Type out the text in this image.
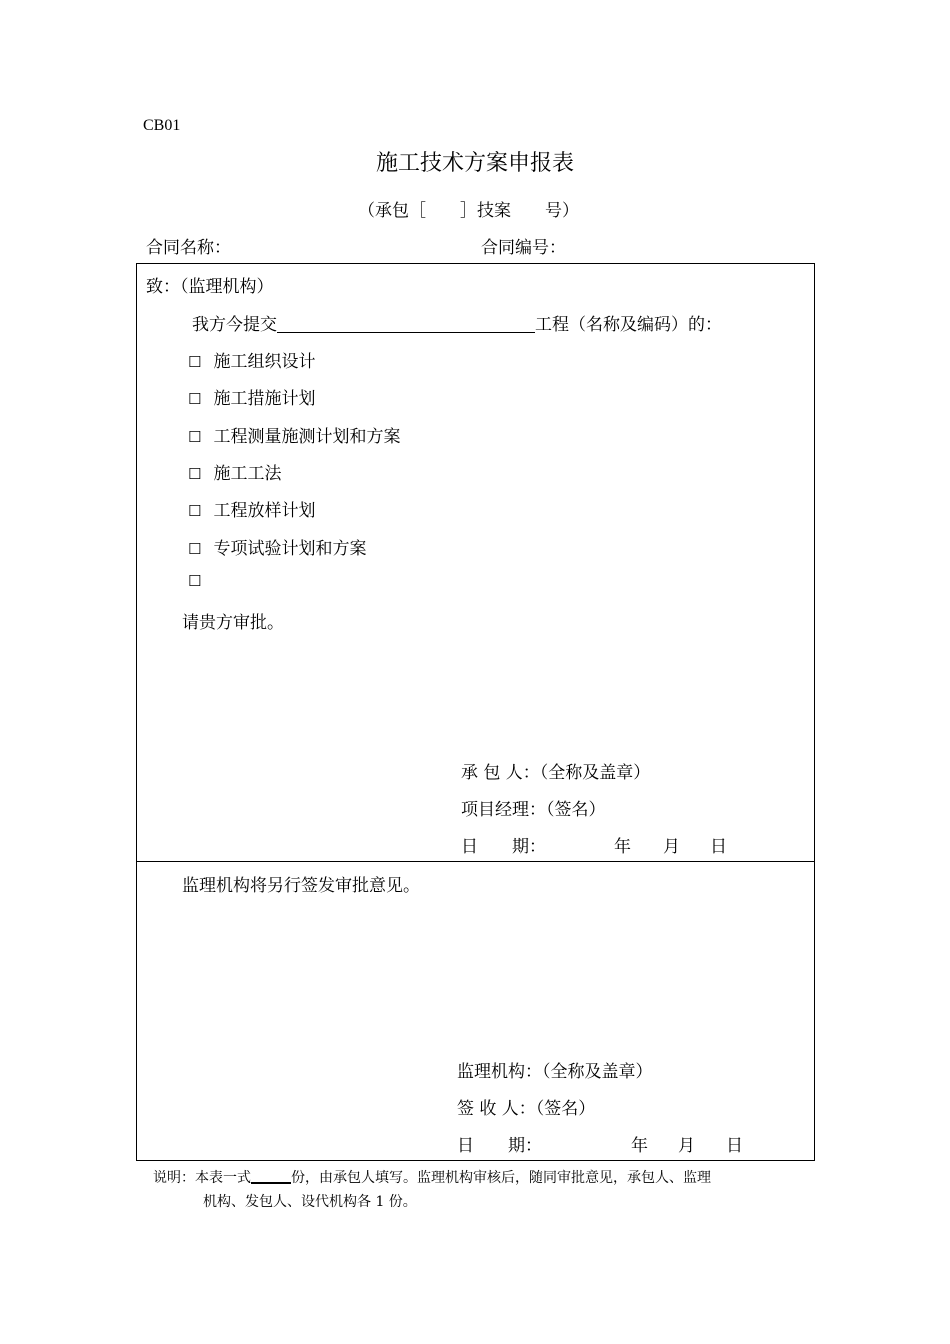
CB01
施工技术方案申报表
（承包［　　］技案　　号）
合同名称：	合同编号：
致：（监理机构）
我方今提交	工程（名称及编码）的：
☐ 施工组织设计
☐ 施工措施计划
☐ 工程测量施测计划和方案
☐ 施工工法
☐ 工程放样计划
☐ 专项试验计划和方案
☐
请贵方审批。
承 包 人：（全称及盖章）
项目经理：（签名）
日　　期：	年 月 日
监理机构将另行签发审批意见。
监理机构：（全称及盖章）
签 收 人：（签名）
日　　期：	年 月 日
说明：本表一式	份，由承包人填写。监理机构审核后，随同审批意见，承包人、监理
机构、发包人、设代机构各 1 份。
